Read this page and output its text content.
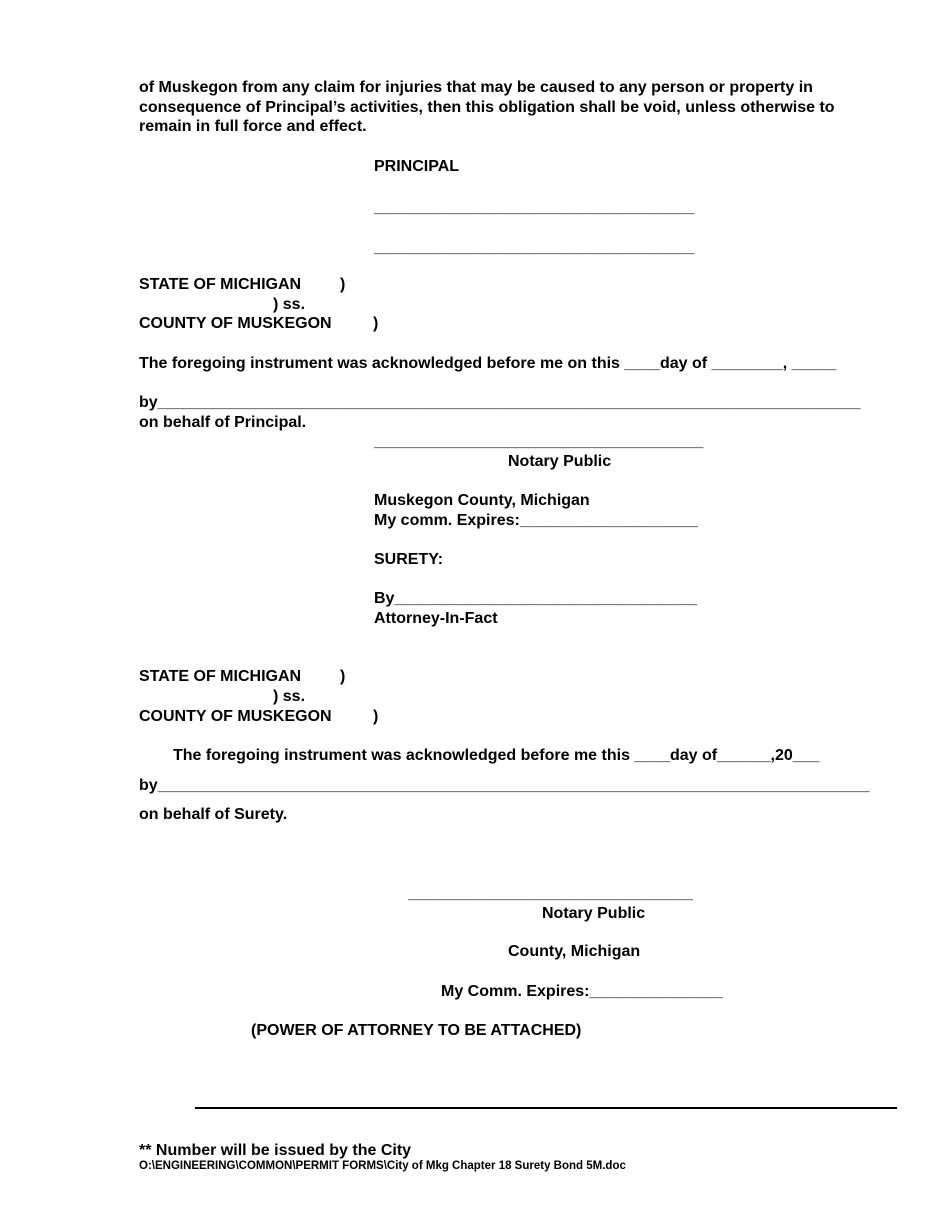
of Muskegon from any claim for injuries that may be caused to any person or property in
consequence of Principal’s activities, then this obligation shall be void, unless otherwise to
remain in full force and effect.
PRINCIPAL
____________________________________
____________________________________
STATE OF MICHIGAN )
) ss.
COUNTY OF MUSKEGON	)
The foregoing instrument was acknowledged before me on this ____day of ________, _____
by_______________________________________________________________________________
on behalf of Principal.
_____________________________________
Notary Public
Muskegon County, Michigan
My comm. Expires:____________________
SURETY:
By__________________________________
Attorney-In-Fact
STATE OF MICHIGAN )
) ss.
COUNTY OF MUSKEGON	)
The foregoing instrument was acknowledged before me this ____day of______,20___
by________________________________________________________________________________
on behalf of Surety.
________________________________
Notary Public
County, Michigan
My Comm. Expires:_______________
(POWER OF ATTORNEY TO BE ATTACHED)
** Number will be issued by the City
O:\ENGINEERING\COMMON\PERMIT FORMS\City of Mkg Chapter 18 Surety Bond 5M.doc
